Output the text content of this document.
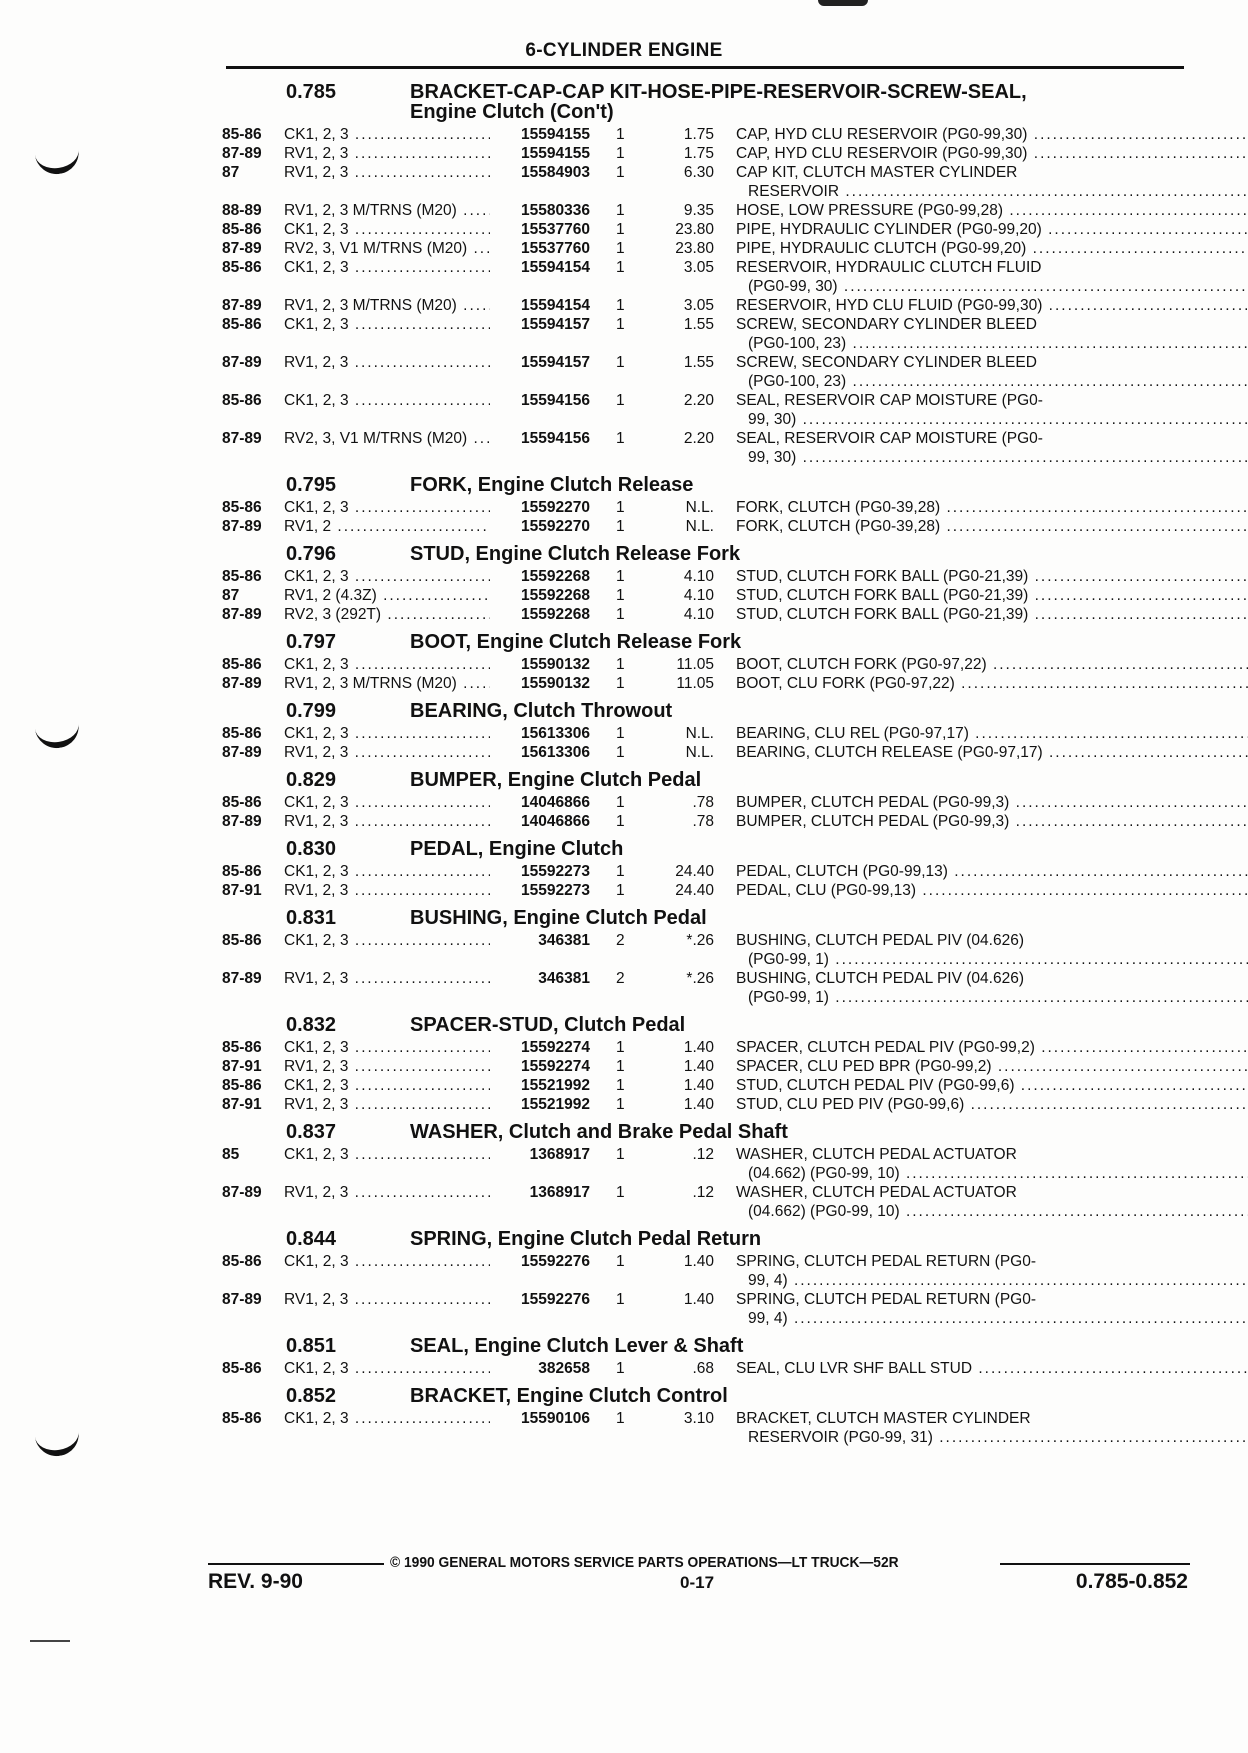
6-CYLINDER ENGINE
0.785	BRACKET-CAP-CAP KIT-HOSE-PIPE-RESERVOIR-SCREW-SEAL,
Engine Clutch (Con't)
85-86	CK1, 2, 3 .....	15594155	1	1.75	CAP, HYD CLU RESERVOIR (PG0-99,30) .....
87-89	RV1, 2, 3 .....	15594155	1	1.75	CAP, HYD CLU RESERVOIR (PG0-99,30) .....
87	RV1, 2, 3 .....	15584903	1	6.30	CAP KIT, CLUTCH MASTER CYLINDER
RESERVOIR .....
88-89	RV1, 2, 3 M/TRNS (M20) .....	15580336	1	9.35	HOSE, LOW PRESSURE (PG0-99,28) .....
85-86	CK1, 2, 3 .....	15537760	1	23.80	PIPE, HYDRAULIC CYLINDER (PG0-99,20) .....
87-89	RV2, 3, V1 M/TRNS (M20) .....	15537760	1	23.80	PIPE, HYDRAULIC CLUTCH (PG0-99,20) .....
85-86	CK1, 2, 3 .....	15594154	1	3.05	RESERVOIR, HYDRAULIC CLUTCH FLUID
(PG0-99, 30) .....
87-89	RV1, 2, 3 M/TRNS (M20) .....	15594154	1	3.05	RESERVOIR, HYD CLU FLUID (PG0-99,30) .....
85-86	CK1, 2, 3 .....	15594157	1	1.55	SCREW, SECONDARY CYLINDER BLEED
(PG0-100, 23) .....
87-89	RV1, 2, 3 .....	15594157	1	1.55	SCREW, SECONDARY CYLINDER BLEED
(PG0-100, 23) .....
85-86	CK1, 2, 3 .....	15594156	1	2.20	SEAL, RESERVOIR CAP MOISTURE (PG0-
99, 30) .....
87-89	RV2, 3, V1 M/TRNS (M20) .....	15594156	1	2.20	SEAL, RESERVOIR CAP MOISTURE (PG0-
99, 30) .....
0.795	FORK, Engine Clutch Release
85-86	CK1, 2, 3 .....	15592270	1	N.L.	FORK, CLUTCH (PG0-39,28) .....
87-89	RV1, 2 .....	15592270	1	N.L.	FORK, CLUTCH (PG0-39,28) .....
0.796	STUD, Engine Clutch Release Fork
85-86	CK1, 2, 3 .....	15592268	1	4.10	STUD, CLUTCH FORK BALL (PG0-21,39) .....
87	RV1, 2 (4.3Z) .....	15592268	1	4.10	STUD, CLUTCH FORK BALL (PG0-21,39) .....
87-89	RV2, 3 (292T) .....	15592268	1	4.10	STUD, CLUTCH FORK BALL (PG0-21,39) .....
0.797	BOOT, Engine Clutch Release Fork
85-86	CK1, 2, 3 .....	15590132	1	11.05	BOOT, CLUTCH FORK (PG0-97,22) .....
87-89	RV1, 2, 3 M/TRNS (M20) .....	15590132	1	11.05	BOOT, CLU FORK (PG0-97,22) .....
0.799	BEARING, Clutch Throwout
85-86	CK1, 2, 3 .....	15613306	1	N.L.	BEARING, CLU REL (PG0-97,17) .....
87-89	RV1, 2, 3 .....	15613306	1	N.L.	BEARING, CLUTCH RELEASE (PG0-97,17) .....
0.829	BUMPER, Engine Clutch Pedal
85-86	CK1, 2, 3 .....	14046866	1	.78	BUMPER, CLUTCH PEDAL (PG0-99,3) .....
87-89	RV1, 2, 3 .....	14046866	1	.78	BUMPER, CLUTCH PEDAL (PG0-99,3) .....
0.830	PEDAL, Engine Clutch
85-86	CK1, 2, 3 .....	15592273	1	24.40	PEDAL, CLUTCH (PG0-99,13) .....
87-91	RV1, 2, 3 .....	15592273	1	24.40	PEDAL, CLU (PG0-99,13) .....
0.831	BUSHING, Engine Clutch Pedal
85-86	CK1, 2, 3 .....	346381	2	*.26	BUSHING, CLUTCH PEDAL PIV (04.626)
(PG0-99, 1) .....
87-89	RV1, 2, 3 .....	346381	2	*.26	BUSHING, CLUTCH PEDAL PIV (04.626)
(PG0-99, 1) .....
0.832	SPACER-STUD, Clutch Pedal
85-86	CK1, 2, 3 .....	15592274	1	1.40	SPACER, CLUTCH PEDAL PIV (PG0-99,2) .....
87-91	RV1, 2, 3 .....	15592274	1	1.40	SPACER, CLU PED BPR (PG0-99,2) .....
85-86	CK1, 2, 3 .....	15521992	1	1.40	STUD, CLUTCH PEDAL PIV (PG0-99,6) .....
87-91	RV1, 2, 3 .....	15521992	1	1.40	STUD, CLU PED PIV (PG0-99,6) .....
0.837	WASHER, Clutch and Brake Pedal Shaft
85	CK1, 2, 3 .....	1368917	1	.12	WASHER, CLUTCH PEDAL ACTUATOR
(04.662) (PG0-99, 10) .....
87-89	RV1, 2, 3 .....	1368917	1	.12	WASHER, CLUTCH PEDAL ACTUATOR
(04.662) (PG0-99, 10) .....
0.844	SPRING, Engine Clutch Pedal Return
85-86	CK1, 2, 3 .....	15592276	1	1.40	SPRING, CLUTCH PEDAL RETURN (PG0-
99, 4) .....
87-89	RV1, 2, 3 .....	15592276	1	1.40	SPRING, CLUTCH PEDAL RETURN (PG0-
99, 4) .....
0.851	SEAL, Engine Clutch Lever & Shaft
85-86	CK1, 2, 3 .....	382658	1	.68	SEAL, CLU LVR SHF BALL STUD .....
0.852	BRACKET, Engine Clutch Control
85-86	CK1, 2, 3 .....	15590106	1	3.10	BRACKET, CLUTCH MASTER CYLINDER
RESERVOIR (PG0-99, 31) .....
© 1990 GENERAL MOTORS SERVICE PARTS OPERATIONS—LT TRUCK—52R
REV. 9-90	0-17	0.785-0.852
